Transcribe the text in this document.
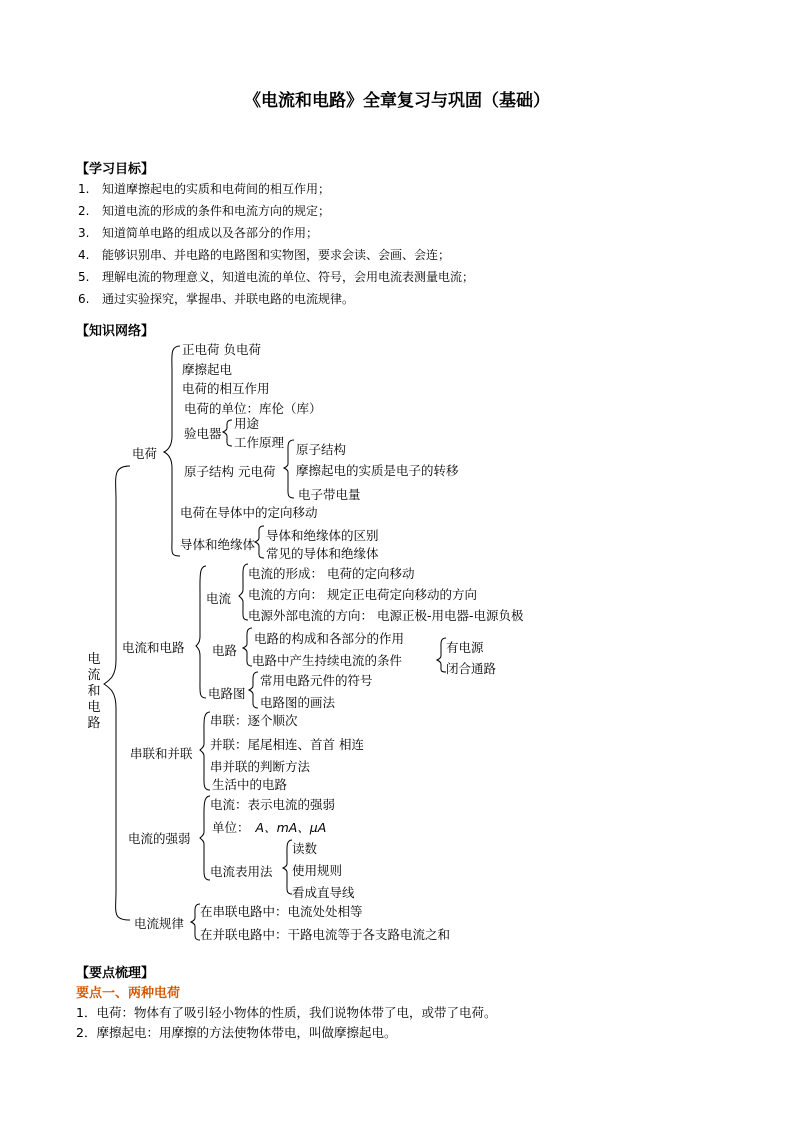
《电流和电路》全章复习与巩固（基础）
【学习目标】
1. 知道摩擦起电的实质和电荷间的相互作用；
2. 知道电流的形成的条件和电流方向的规定；
3. 知道简单电路的组成以及各部分的作用；
4. 能够识别串、并电路的电路图和实物图，要求会读、会画、会连；
5. 理解电流的物理意义，知道电流的单位、符号，会用电流表测量电流；
6. 通过实验探究，掌握串、并联电路的电流规律。
【知识网络】
电流和电路
电荷
正电荷 负电荷
摩擦起电
电荷的相互作用
电荷的单位：库伦（库）
验电器
用途
工作原理
原子结构 元电荷
原子结构
摩擦起电的实质是电子的转移
电子带电量
电荷在导体中的定向移动
导体和绝缘体
导体和绝缘体的区别
常见的导体和绝缘体
电流和电路
电流
电流的形成： 电荷的定向移动
电流的方向： 规定正电荷定向移动的方向
电源外部电流的方向： 电源正极-用电器-电源负极
电路
电路的构成和各部分的作用
电路中产生持续电流的条件
有电源
闭合通路
电路图
常用电路元件的符号
电路图的画法
串联和并联
串联：逐个顺次
并联：尾尾相连、首首 相连
串并联的判断方法
生活中的电路
电流的强弱
电流：表示电流的强弱
单位： A、mA、μA
电流表用法
读数
使用规则
看成直导线
电流规律
在串联电路中：电流处处相等
在并联电路中：干路电流等于各支路电流之和
【要点梳理】
要点一、两种电荷
1．电荷：物体有了吸引轻小物体的性质，我们说物体带了电，或带了电荷。
2．摩擦起电：用摩擦的方法使物体带电，叫做摩擦起电。
